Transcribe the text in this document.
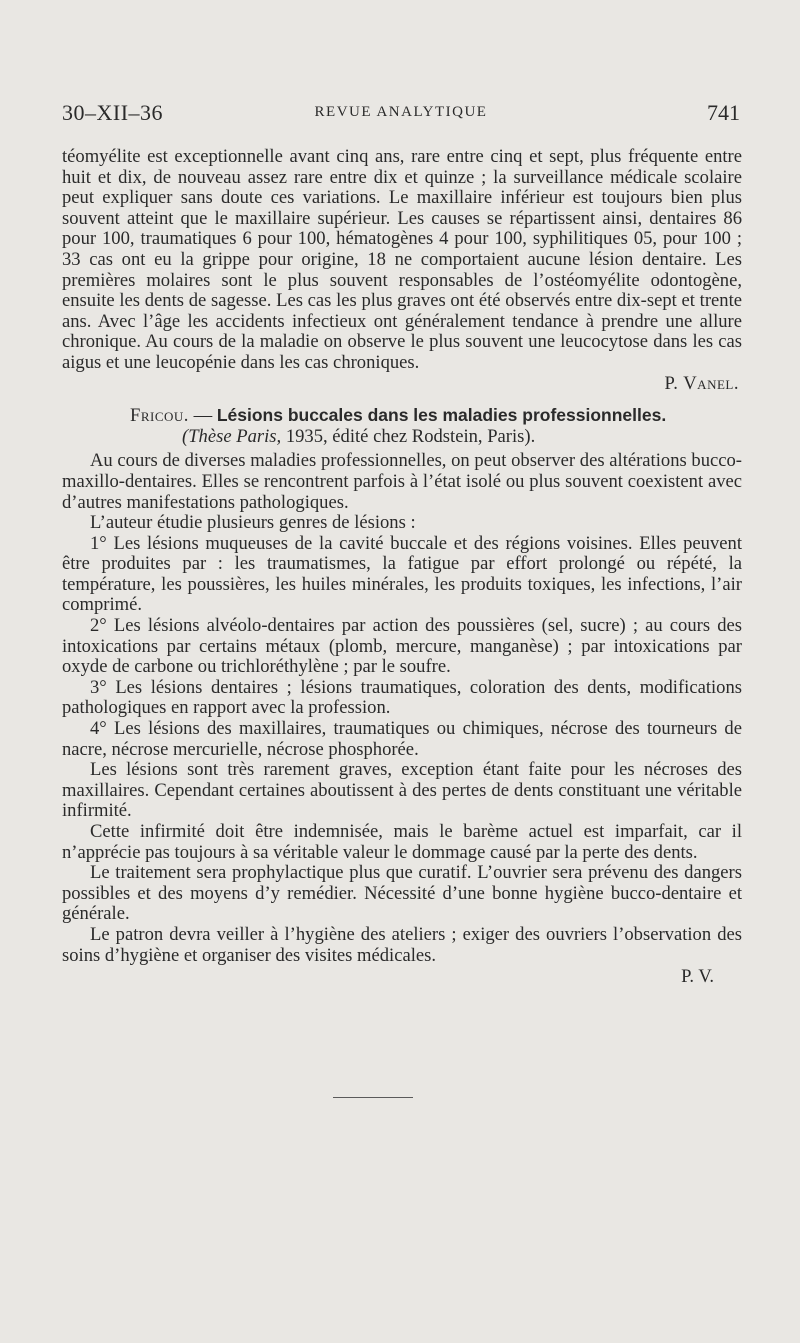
30–XII–36	REVUE ANALYTIQUE	741

téomyélite est exceptionnelle avant cinq ans, rare entre cinq et sept, plus fréquente entre huit et dix, de nouveau assez rare entre dix et quinze ; la surveillance médicale scolaire peut expliquer sans doute ces variations. Le maxillaire inférieur est toujours bien plus souvent atteint que le maxillaire supérieur. Les causes se répartissent ainsi, dentaires 86 pour 100, traumatiques 6 pour 100, hématogènes 4 pour 100, syphilitiques 05, pour 100 ; 33 cas ont eu la grippe pour origine, 18 ne comportaient aucune lésion dentaire. Les premières molaires sont le plus souvent responsables de l’ostéomyélite odontogène, ensuite les dents de sagesse. Les cas les plus graves ont été observés entre dix-sept et trente ans. Avec l’âge les accidents infectieux ont généralement tendance à prendre une allure chronique. Au cours de la maladie on observe le plus souvent une leucocytose dans les cas aigus et une leucopénie dans les cas chroniques.

P. Vanel.

Fricou. — Lésions buccales dans les maladies professionnelles.

(Thèse Paris, 1935, édité chez Rodstein, Paris).

Au cours de diverses maladies professionnelles, on peut observer des altérations bucco-maxillo-dentaires. Elles se rencontrent parfois à l’état isolé ou plus souvent coexistent avec d’autres manifestations pathologiques.

L’auteur étudie plusieurs genres de lésions :

1° Les lésions muqueuses de la cavité buccale et des régions voisines. Elles peuvent être produites par : les traumatismes, la fatigue par effort prolongé ou répété, la température, les poussières, les huiles minérales, les produits toxiques, les infections, l’air comprimé.

2° Les lésions alvéolo-dentaires par action des poussières (sel, sucre) ; au cours des intoxications par certains métaux (plomb, mercure, manganèse) ; par intoxications par oxyde de carbone ou trichloréthylène ; par le soufre.

3° Les lésions dentaires ; lésions traumatiques, coloration des dents, modifications pathologiques en rapport avec la profession.

4° Les lésions des maxillaires, traumatiques ou chimiques, nécrose des tourneurs de nacre, nécrose mercurielle, nécrose phosphorée.

Les lésions sont très rarement graves, exception étant faite pour les nécroses des maxillaires. Cependant certaines aboutissent à des pertes de dents constituant une véritable infirmité.

Cette infirmité doit être indemnisée, mais le barème actuel est imparfait, car il n’apprécie pas toujours à sa véritable valeur le dommage causé par la perte des dents.

Le traitement sera prophylactique plus que curatif. L’ouvrier sera prévenu des dangers possibles et des moyens d’y remédier. Nécessité d’une bonne hygiène bucco-dentaire et générale.

Le patron devra veiller à l’hygiène des ateliers ; exiger des ouvriers l’observation des soins d’hygiène et organiser des visites médicales.

P. V.
